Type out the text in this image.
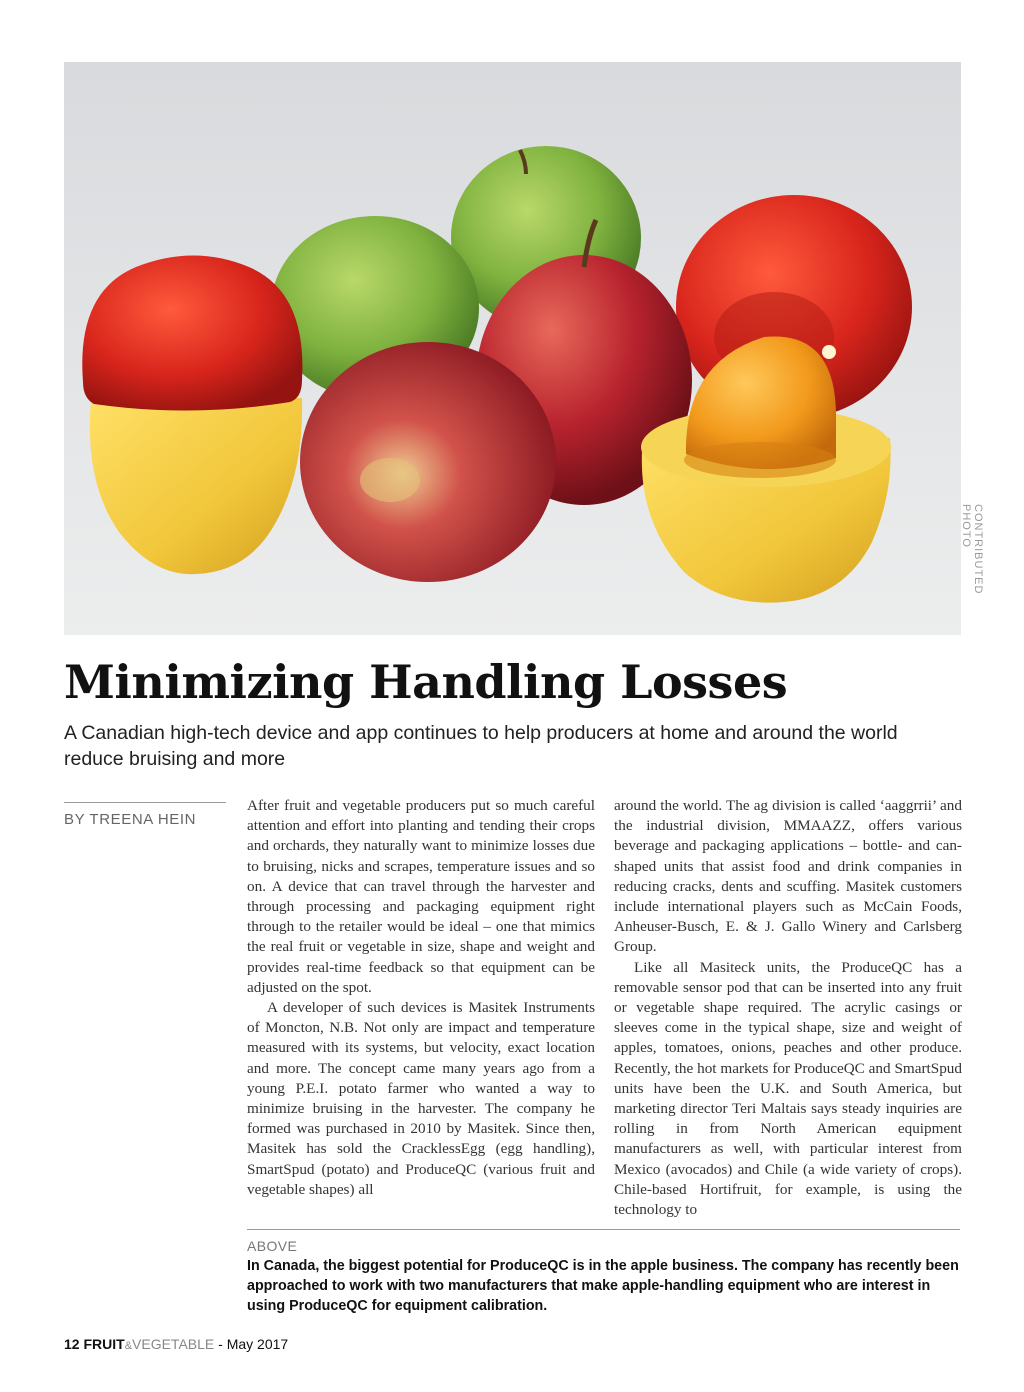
CONTRIBUTED PHOTO
Minimizing Handling Losses

A Canadian high-tech device and app continues to help producers at home and around the world reduce bruising and more

BY TREENA HEIN

After fruit and vegetable producers put so much careful attention and effort into planting and tending their crops and orchards, they naturally want to minimize losses due to bruising, nicks and scrapes, temperature issues and so on. A device that can travel through the harvester and through processing and packaging equipment right through to the retailer would be ideal – one that mimics the real fruit or vegetable in size, shape and weight and provides real-time feedback so that equipment can be adjusted on the spot.

A developer of such devices is Masitek Instruments of Moncton, N.B. Not only are impact and temperature measured with its systems, but velocity, exact location and more. The concept came many years ago from a young P.E.I. potato farmer who wanted a way to minimize bruising in the harvester. The company he formed was purchased in 2010 by Masitek. Since then, Masitek has sold the CracklessEgg (egg handling), SmartSpud (potato) and ProduceQC (various fruit and vegetable shapes) all

around the world. The ag division is called ‘aaggrrii’ and the industrial division, MMAAZZ, offers various beverage and packaging applications – bottle- and can-shaped units that assist food and drink companies in reducing cracks, dents and scuffing. Masitek customers include international players such as McCain Foods, Anheuser-Busch, E. & J. Gallo Winery and Carlsberg Group.

Like all Masiteck units, the ProduceQC has a removable sensor pod that can be inserted into any fruit or vegetable shape required. The acrylic casings or sleeves come in the typical shape, size and weight of apples, tomatoes, onions, peaches and other produce. Recently, the hot markets for ProduceQC and SmartSpud units have been the U.K. and South America, but marketing director Teri Maltais says steady inquiries are rolling in from North American equipment manufacturers as well, with particular interest from Mexico (avocados) and Chile (a wide variety of crops). Chile-based Hortifruit, for example, is using the technology to

ABOVE

In Canada, the biggest potential for ProduceQC is in the apple business. The company has recently been approached to work with two manufacturers that make apple-handling equipment who are interest in using ProduceQC for equipment calibration.

12 FRUIT&VEGETABLE - May 2017
